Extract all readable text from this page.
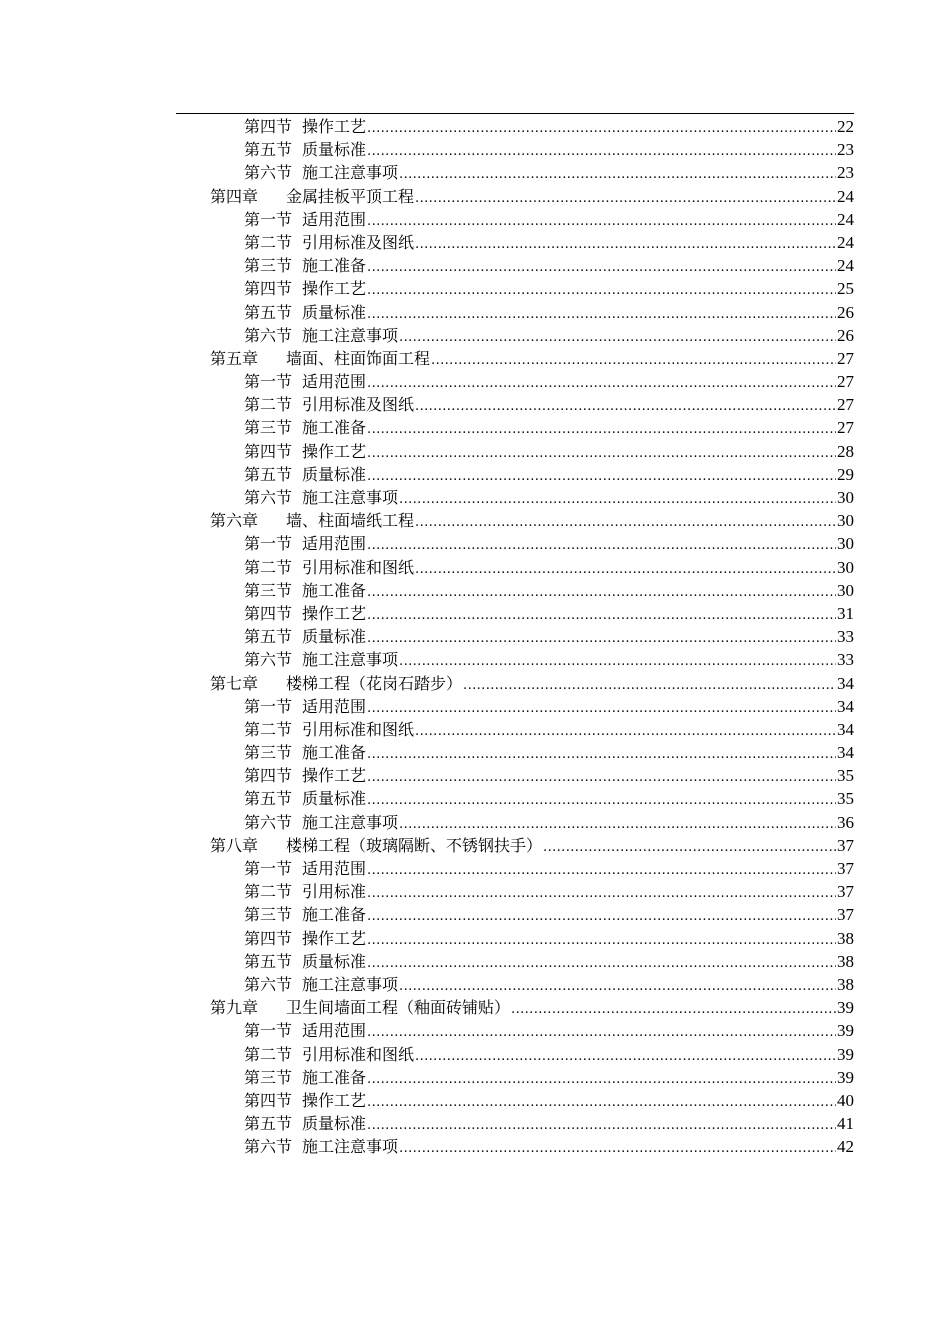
第四节 操作工艺 .....	22
第五节 质量标准 .....	23
第六节 施工注意事项 .....	23
第四章 金属挂板平顶工程 .....	24
第一节 适用范围 .....	24
第二节 引用标准及图纸 .....	24
第三节 施工准备 .....	24
第四节 操作工艺 .....	25
第五节 质量标准 .....	26
第六节 施工注意事项 .....	26
第五章 墙面、柱面饰面工程 .....	27
第一节 适用范围 .....	27
第二节 引用标准及图纸 .....	27
第三节 施工准备 .....	27
第四节 操作工艺 .....	28
第五节 质量标准 .....	29
第六节 施工注意事项 .....	30
第六章 墙、柱面墙纸工程 .....	30
第一节 适用范围 .....	30
第二节 引用标准和图纸 .....	30
第三节 施工准备 .....	30
第四节 操作工艺 .....	31
第五节 质量标准 .....	33
第六节 施工注意事项 .....	33
第七章 楼梯工程（花岗石踏步） .....	34
第一节 适用范围 .....	34
第二节 引用标准和图纸 .....	34
第三节 施工准备 .....	34
第四节 操作工艺 .....	35
第五节 质量标准 .....	35
第六节 施工注意事项 .....	36
第八章 楼梯工程（玻璃隔断、不锈钢扶手） .....	37
第一节 适用范围 .....	37
第二节 引用标准 .....	37
第三节 施工准备 .....	37
第四节 操作工艺 .....	38
第五节 质量标准 .....	38
第六节 施工注意事项 .....	38
第九章 卫生间墙面工程（釉面砖铺贴） .....	39
第一节 适用范围 .....	39
第二节 引用标准和图纸 .....	39
第三节 施工准备 .....	39
第四节 操作工艺 .....	40
第五节 质量标准 .....	41
第六节 施工注意事项 .....	42
